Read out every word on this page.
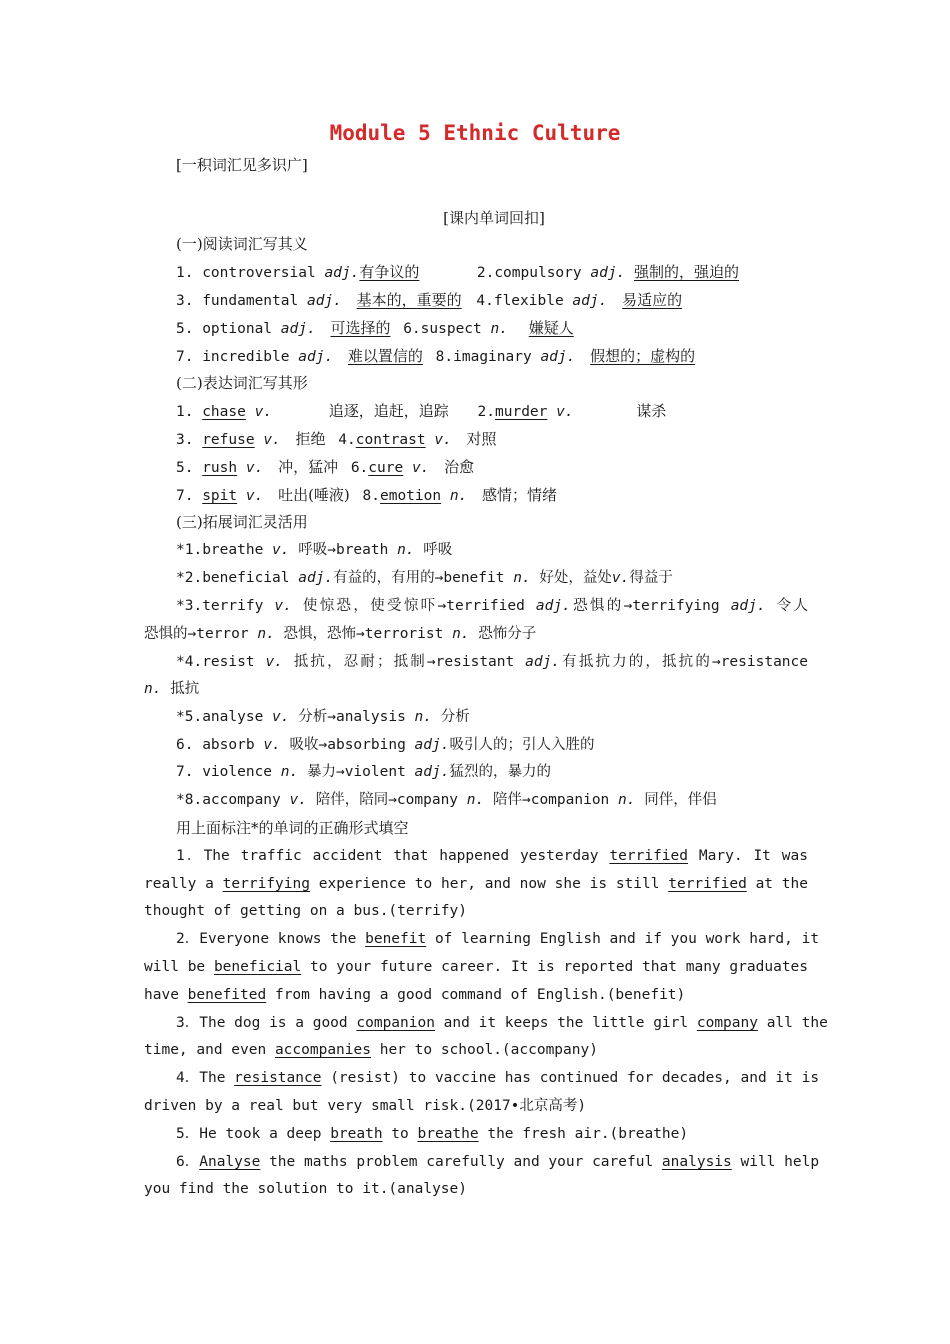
Module 5 Ethnic Culture
[一积词汇见多识广]
[课内单词回扣]
(一)阅读词汇写其义
1. controversial adj.有争议的	2.compulsory adj. 强制的，强迫的
3. fundamental adj. 基本的，重要的 4.flexible adj. 易适应的
5. optional adj. 可选择的 6.suspect n. 嫌疑人
7. incredible adj. 难以置信的 8.imaginary adj. 假想的；虚构的
(二)表达词汇写其形
1. chase v.	追逐，追赶，追踪 2.murder v.	谋杀
3. refuse v. 拒绝 4.contrast v. 对照
5. rush v. 冲，猛冲 6.cure v. 治愈
7. spit v. 吐出(唾液) 8.emotion n. 感情；情绪
(三)拓展词汇灵活用
*1.breathe v. 呼吸→breath n. 呼吸
*2.beneficial adj.有益的，有用的→benefit n. 好处，益处v.得益于
*3.terrify v. 使惊恐，使受惊吓→terrified adj.恐惧的→terrifying adj. 令人
恐惧的→terror n. 恐惧，恐怖→terrorist n. 恐怖分子
*4.resist v. 抵抗，忍耐；抵制→resistant adj.有抵抗力的，抵抗的→resistance
n. 抵抗
*5.analyse v. 分析→analysis n. 分析
6. absorb v. 吸收→absorbing adj.吸引人的；引人入胜的
7. violence n. 暴力→violent adj.猛烈的，暴力的
*8.accompany v. 陪伴，陪同→company n. 陪伴→companion n. 同伴，伴侣
用上面标注*的单词的正确形式填空
1．The traffic accident that happened yesterday terrified Mary. It was
really a terrifying experience to her, and now she is still terrified at the
thought of getting on a bus.(terrify)
2．Everyone knows the benefit of learning English and if you work hard, it
will be beneficial to your future career. It is reported that many graduates
have benefited from having a good command of English.(benefit)
3．The dog is a good companion and it keeps the little girl company all the
time, and even accompanies her to school.(accompany)
4．The resistance (resist) to vaccine has continued for decades, and it is
driven by a real but very small risk.(2017•北京高考)
5．He took a deep breath to breathe the fresh air.(breathe)
6．Analyse the maths problem carefully and your careful analysis will help
you find the solution to it.(analyse)
